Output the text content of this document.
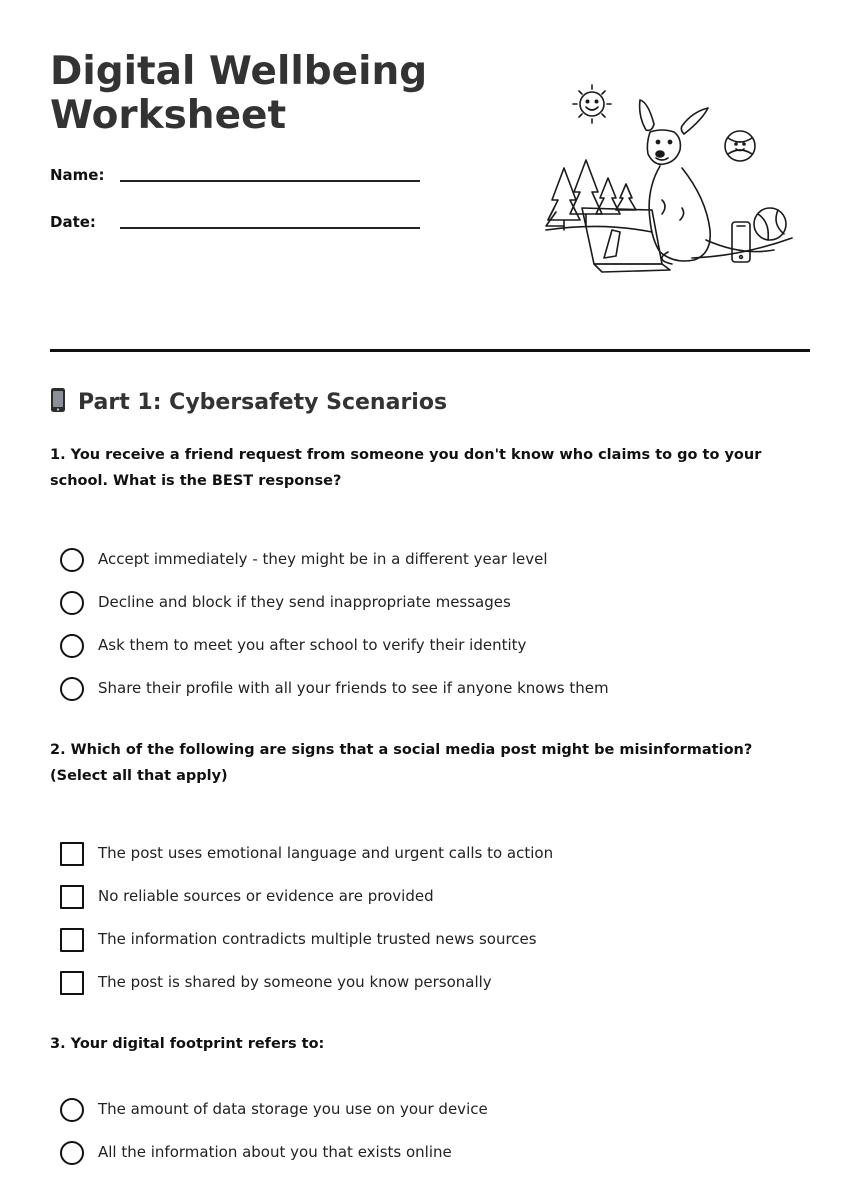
Digital Wellbeing
Worksheet
Name:
Date:
Part 1: Cybersafety Scenarios

1. You receive a friend request from someone you don't know who claims to go to your school. What is the BEST response?

Accept immediately - they might be in a different year level
Decline and block if they send inappropriate messages
Ask them to meet you after school to verify their identity
Share their profile with all your friends to see if anyone knows them

2. Which of the following are signs that a social media post might be misinformation? (Select all that apply)

The post uses emotional language and urgent calls to action
No reliable sources or evidence are provided
The information contradicts multiple trusted news sources
The post is shared by someone you know personally

3. Your digital footprint refers to:

The amount of data storage you use on your device
All the information about you that exists online
